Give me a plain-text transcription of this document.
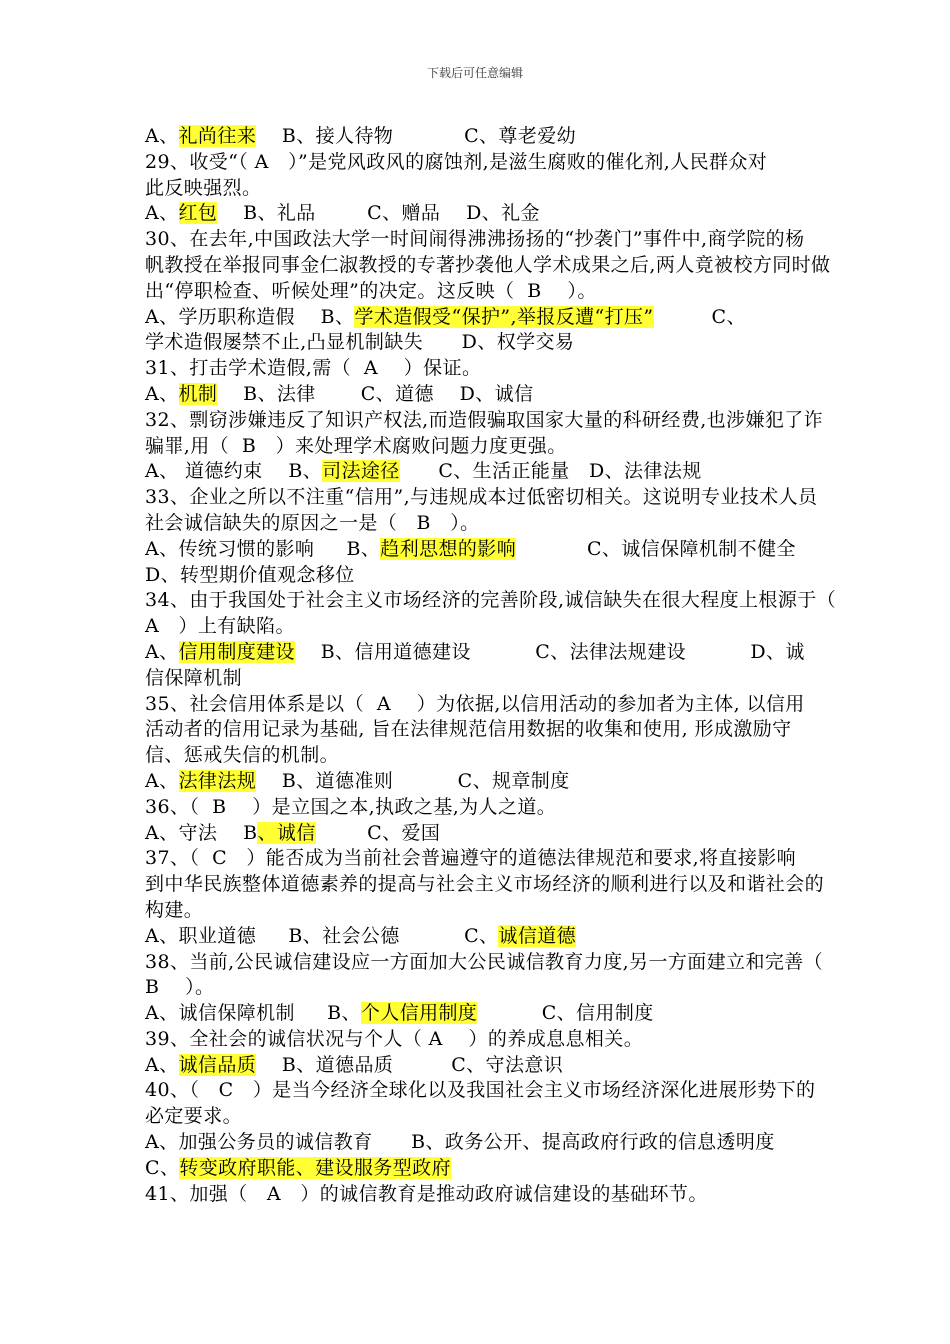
下载后可任意编辑
A、礼尚往来    B、接人待物           C、尊老爱幼
29、收受“（ A   ）”是党风政风的腐蚀剂,是滋生腐败的催化剂,人民群众对
此反映强烈。
A、红包    B、礼品        C、赠品    D、礼金
30、在去年,中国政法大学一时间闹得沸沸扬扬的“抄袭门”事件中,商学院的杨
帆教授在举报同事金仁淑教授的专著抄袭他人学术成果之后,两人竟被校方同时做
出“停职检查、听候处理”的决定。这反映（  B    ）。
A、学历职称造假    B、学术造假受“保护”,举报反遭“打压”         C、
学术造假屡禁不止,凸显机制缺失      D、权学交易
31、打击学术造假,需（  A    ）保证。
A、机制    B、法律       C、道德    D、诚信
32、剽窃涉嫌违反了知识产权法,而造假骗取国家大量的科研经费,也涉嫌犯了诈
骗罪,用（  B   ）来处理学术腐败问题力度更强。
A、 道德约束    B、司法途径      C、生活正能量   D、法律法规
33、企业之所以不注重“信用”,与违规成本过低密切相关。这说明专业技术人员
社会诚信缺失的原因之一是（   B   ）。
A、传统习惯的影响     B、趋利思想的影响           C、诚信保障机制不健全
D、转型期价值观念移位
34、由于我国处于社会主义市场经济的完善阶段,诚信缺失在很大程度上根源于（
A   ）上有缺陷。
A、信用制度建设    B、信用道德建设          C、法律法规建设          D、诚
信保障机制
35、社会信用体系是以（  A    ）为依据,以信用活动的参加者为主体, 以信用
活动者的信用记录为基础, 旨在法律规范信用数据的收集和使用, 形成激励守
信、惩戒失信的机制。
A、法律法规    B、道德准则          C、规章制度
36、（  B    ）是立国之本,执政之基,为人之道。
A、守法    B、诚信        C、爱国
37、（  C   ）能否成为当前社会普遍遵守的道德法律规范和要求,将直接影响
到中华民族整体道德素养的提高与社会主义市场经济的顺利进行以及和谐社会的
构建。
A、职业道德     B、社会公德          C、诚信道德
38、当前,公民诚信建设应一方面加大公民诚信教育力度,另一方面建立和完善（
B    ）。
A、诚信保障机制     B、个人信用制度          C、信用制度
39、全社会的诚信状况与个人（ A    ）的养成息息相关。
A、诚信品质    B、道德品质         C、守法意识
40、（   C   ）是当今经济全球化以及我国社会主义市场经济深化进展形势下的
必定要求。
A、加强公务员的诚信教育      B、政务公开、提高政府行政的信息透明度
C、转变政府职能、建设服务型政府
41、加强（   A   ）的诚信教育是推动政府诚信建设的基础环节。
